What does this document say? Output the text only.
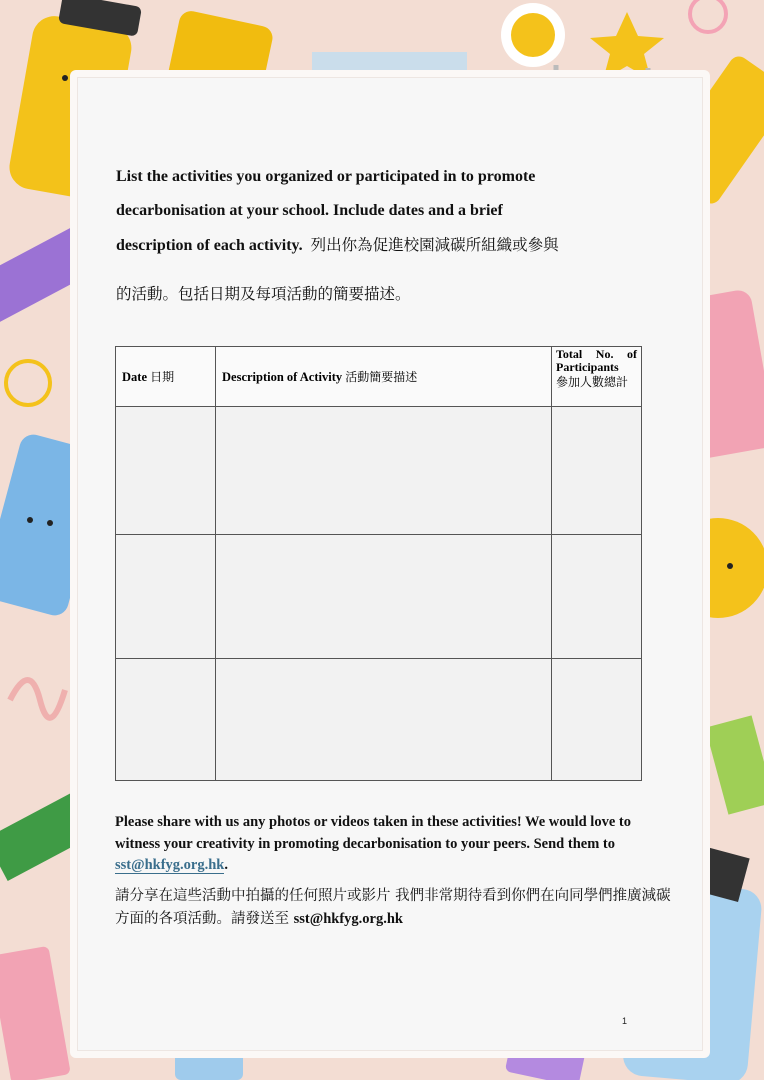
List the activities you organized or participated in to promote
decarbonisation at your school. Include dates and a brief
description of each activity. 列出你為促進校園減碳所組織或參與
的活動。包括日期及每項活動的簡要描述。
Date 日期	Description of Activity 活動簡要描述	Total No. of Participants
參加人數總計

Please share with us any photos or videos taken in these activities! We would love to witness your creativity in promoting decarbonisation to your peers. Send them to sst@hkfyg.org.hk.
請分享在這些活動中拍攝的任何照片或影片 我們非常期待看到你們在向同學們推廣減碳方面的各項活動。請發送至 sst@hkfyg.org.hk
1
